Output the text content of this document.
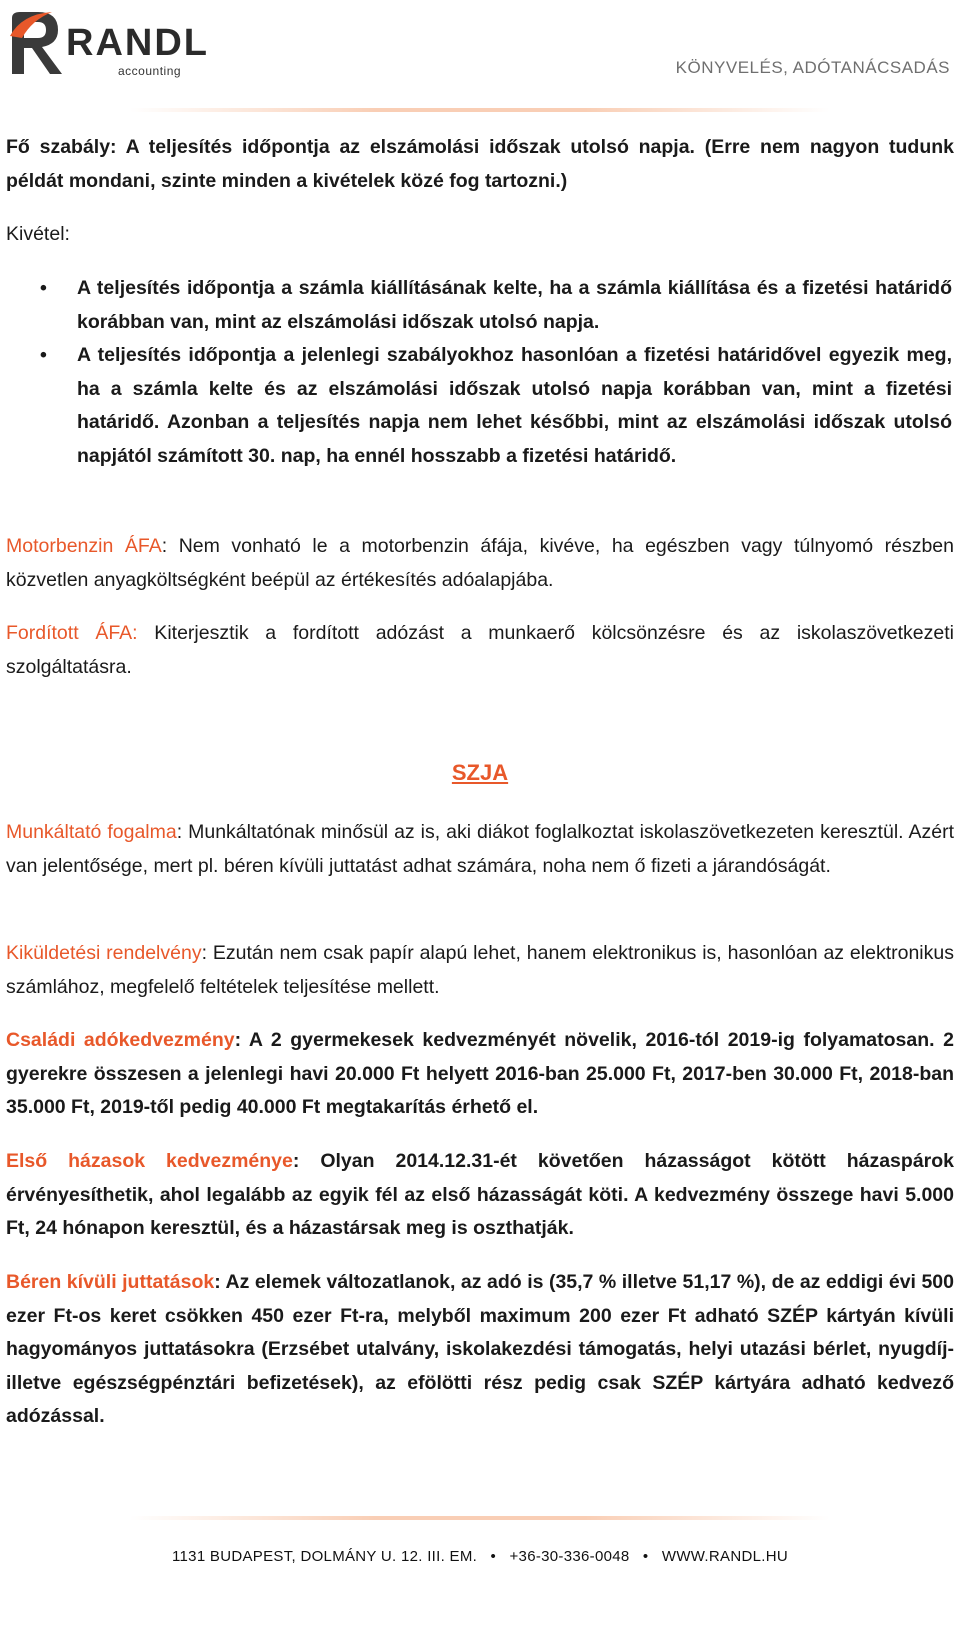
RANDL
accounting	KÖNYVELÉS, ADÓTANÁCSADÁS
Fő szabály: A teljesítés időpontja az elszámolási időszak utolsó napja. (Erre nem nagyon tudunk példát mondani, szinte minden a kivételek közé fog tartozni.)
Kivétel:
• A teljesítés időpontja a számla kiállításának kelte, ha a számla kiállítása és a fizetési határidő korábban van, mint az elszámolási időszak utolsó napja.
• A teljesítés időpontja a jelenlegi szabályokhoz hasonlóan a fizetési határidővel egyezik meg, ha a számla kelte és az elszámolási időszak utolsó napja korábban van, mint a fizetési határidő. Azonban a teljesítés napja nem lehet későbbi, mint az elszámolási időszak utolsó napjától számított 30. nap, ha ennél hosszabb a fizetési határidő.
Motorbenzin ÁFA: Nem vonható le a motorbenzin áfája, kivéve, ha egészben vagy túlnyomó részben közvetlen anyagköltségként beépül az értékesítés adóalapjába.
Fordított ÁFA: Kiterjesztik a fordított adózást a munkaerő kölcsönzésre és az iskolaszövetkezeti szolgáltatásra.
SZJA
Munkáltató fogalma: Munkáltatónak minősül az is, aki diákot foglalkoztat iskolaszövetkezeten keresztül. Azért van jelentősége, mert pl. béren kívüli juttatást adhat számára, noha nem ő fizeti a járandóságát.
Kiküldetési rendelvény: Ezután nem csak papír alapú lehet, hanem elektronikus is, hasonlóan az elektronikus számlához, megfelelő feltételek teljesítése mellett.
Családi adókedvezmény: A 2 gyermekesek kedvezményét növelik, 2016-tól 2019-ig folyamatosan. 2 gyerekre összesen a jelenlegi havi 20.000 Ft helyett 2016-ban 25.000 Ft, 2017-ben 30.000 Ft, 2018-ban 35.000 Ft, 2019-től pedig 40.000 Ft megtakarítás érhető el.
Első házasok kedvezménye: Olyan 2014.12.31-ét követően házasságot kötött házaspárok érvényesíthetik, ahol legalább az egyik fél az első házasságát köti. A kedvezmény összege havi 5.000 Ft, 24 hónapon keresztül, és a házastársak meg is oszthatják.
Béren kívüli juttatások: Az elemek változatlanok, az adó is (35,7 % illetve 51,17 %), de az eddigi évi 500 ezer Ft-os keret csökken 450 ezer Ft-ra, melyből maximum 200 ezer Ft adható SZÉP kártyán kívüli hagyományos juttatásokra (Erzsébet utalvány, iskolakezdési támogatás, helyi utazási bérlet, nyugdíj- illetve egészségpénztári befizetések), az efölötti rész pedig csak SZÉP kártyára adható kedvező adózással.
1131 BUDAPEST, DOLMÁNY U. 12. III. EM. • +36-30-336-0048 • WWW.RANDL.HU
